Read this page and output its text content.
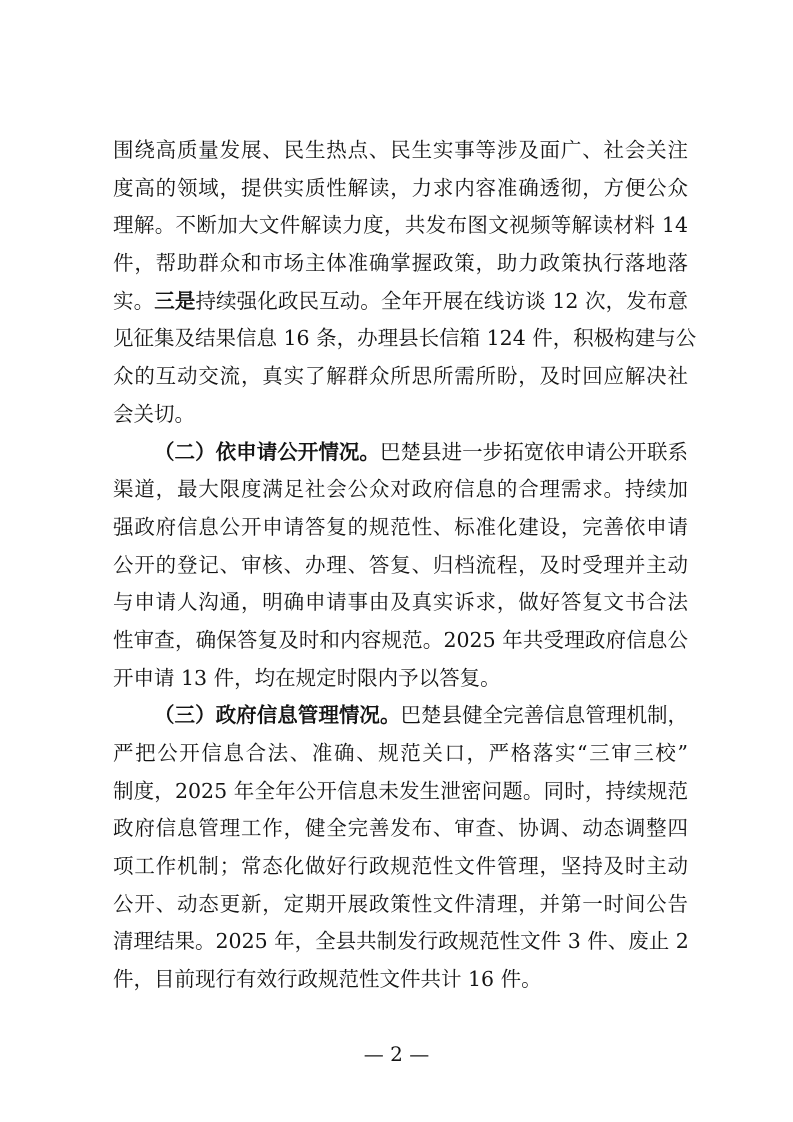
围绕高质量发展、民生热点、民生实事等涉及面广、社会关注
度高的领域，提供实质性解读，力求内容准确透彻，方便公众
理解。不断加大文件解读力度，共发布图文视频等解读材料 14
件，帮助群众和市场主体准确掌握政策，助力政策执行落地落
实。三是持续强化政民互动。全年开展在线访谈 12 次，发布意
见征集及结果信息 16 条，办理县长信箱 124 件，积极构建与公
众的互动交流，真实了解群众所思所需所盼，及时回应解决社
会关切。
（二）依申请公开情况。巴楚县进一步拓宽依申请公开联系
渠道，最大限度满足社会公众对政府信息的合理需求。持续加
强政府信息公开申请答复的规范性、标准化建设，完善依申请
公开的登记、审核、办理、答复、归档流程，及时受理并主动
与申请人沟通，明确申请事由及真实诉求，做好答复文书合法
性审查，确保答复及时和内容规范。2025 年共受理政府信息公
开申请 13 件，均在规定时限内予以答复。
（三）政府信息管理情况。巴楚县健全完善信息管理机制，
严把公开信息合法、准确、规范关口，严格落实“三审三校”
制度，2025 年全年公开信息未发生泄密问题。同时，持续规范
政府信息管理工作，健全完善发布、审查、协调、动态调整四
项工作机制；常态化做好行政规范性文件管理，坚持及时主动
公开、动态更新，定期开展政策性文件清理，并第一时间公告
清理结果。2025 年，全县共制发行政规范性文件 3 件、废止 2
件，目前现行有效行政规范性文件共计 16 件。
— 2 —
